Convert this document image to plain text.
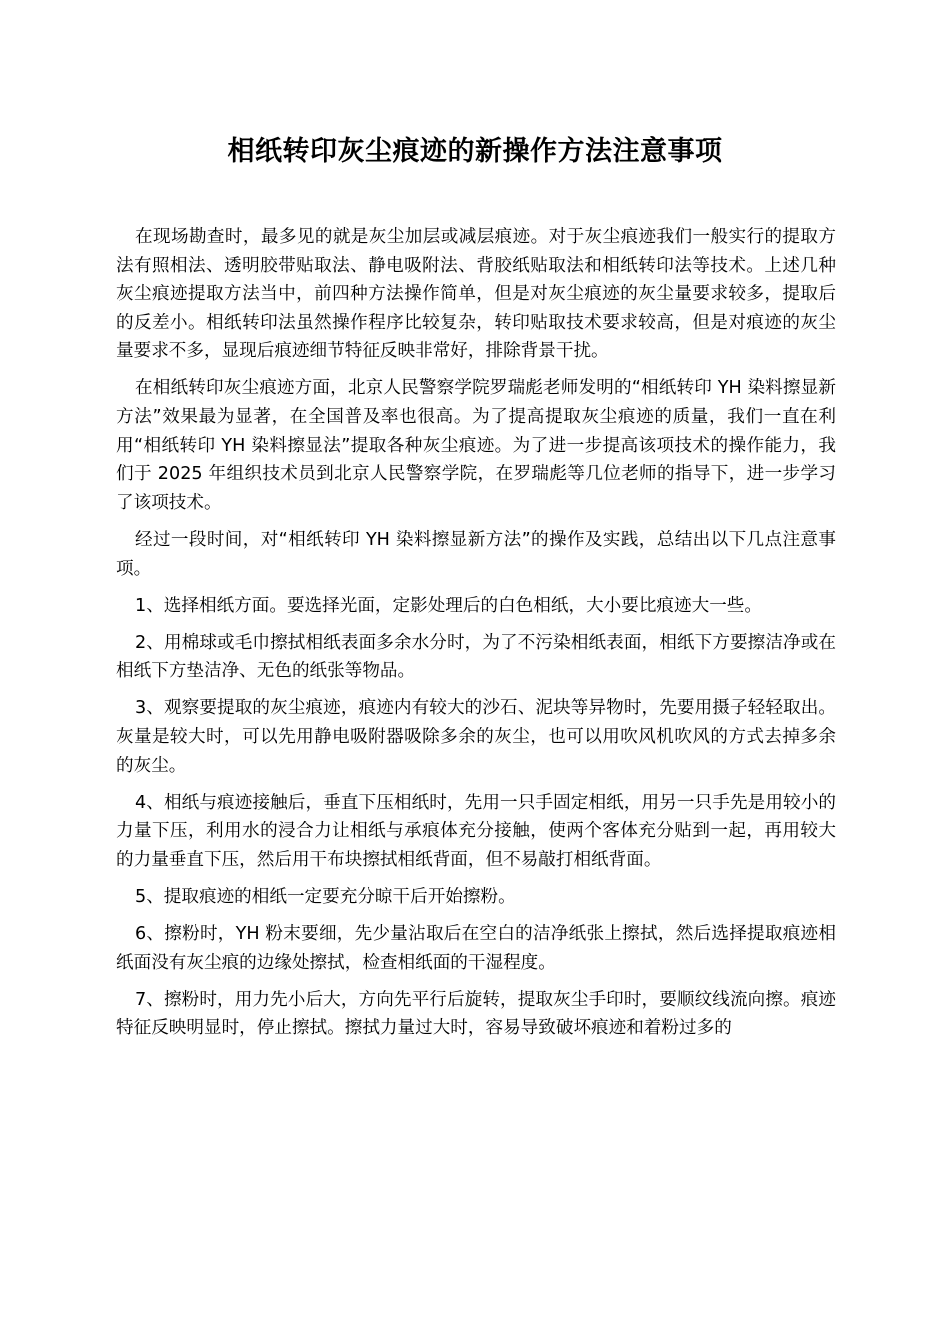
相纸转印灰尘痕迹的新操作方法注意事项

在现场勘查时，最多见的就是灰尘加层或减层痕迹。对于灰尘痕迹我们一般实行的提取方法有照相法、透明胶带贴取法、静电吸附法、背胶纸贴取法和相纸转印法等技术。上述几种灰尘痕迹提取方法当中，前四种方法操作简单，但是对灰尘痕迹的灰尘量要求较多，提取后的反差小。相纸转印法虽然操作程序比较复杂，转印贴取技术要求较高，但是对痕迹的灰尘量要求不多，显现后痕迹细节特征反映非常好，排除背景干扰。

在相纸转印灰尘痕迹方面，北京人民警察学院罗瑞彪老师发明的“相纸转印 YH 染料擦显新方法”效果最为显著，在全国普及率也很高。为了提高提取灰尘痕迹的质量，我们一直在利用“相纸转印 YH 染料擦显法”提取各种灰尘痕迹。为了进一步提高该项技术的操作能力，我们于 2025 年组织技术员到北京人民警察学院，在罗瑞彪等几位老师的指导下，进一步学习了该项技术。

经过一段时间，对“相纸转印 YH 染料擦显新方法”的操作及实践，总结出以下几点注意事项。

1、选择相纸方面。要选择光面，定影处理后的白色相纸，大小要比痕迹大一些。

2、用棉球或毛巾擦拭相纸表面多余水分时，为了不污染相纸表面，相纸下方要擦洁净或在相纸下方垫洁净、无色的纸张等物品。

3、观察要提取的灰尘痕迹，痕迹内有较大的沙石、泥块等异物时，先要用摄子轻轻取出。灰量是较大时，可以先用静电吸附器吸除多余的灰尘，也可以用吹风机吹风的方式去掉多余的灰尘。

4、相纸与痕迹接触后，垂直下压相纸时，先用一只手固定相纸，用另一只手先是用较小的力量下压，利用水的浸合力让相纸与承痕体充分接触，使两个客体充分贴到一起，再用较大的力量垂直下压，然后用干布块擦拭相纸背面，但不易敲打相纸背面。

5、提取痕迹的相纸一定要充分晾干后开始擦粉。

6、擦粉时，YH 粉末要细，先少量沾取后在空白的洁净纸张上擦拭，然后选择提取痕迹相纸面没有灰尘痕的边缘处擦拭，检查相纸面的干湿程度。

7、擦粉时，用力先小后大，方向先平行后旋转，提取灰尘手印时，要顺纹线流向擦。痕迹特征反映明显时，停止擦拭。擦拭力量过大时，容易导致破坏痕迹和着粉过多的
